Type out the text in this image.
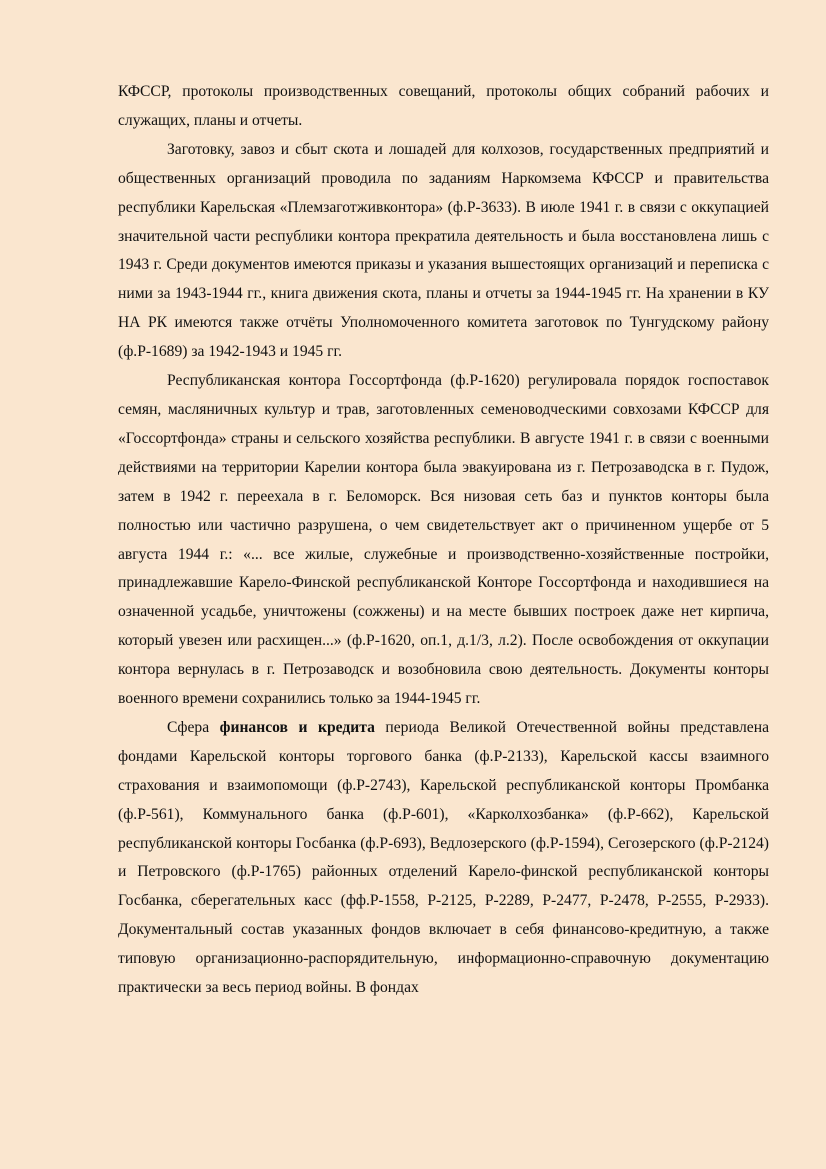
КФССР, протоколы производственных совещаний, протоколы общих собраний рабочих и служащих, планы и отчеты.

Заготовку, завоз и сбыт скота и лошадей для колхозов, государственных предприятий и общественных организаций проводила по заданиям Наркомзема КФССР и правительства республики Карельская «Племзаготживконтора» (ф.Р-3633). В июле 1941 г. в связи с оккупацией значительной части республики контора прекратила деятельность и была восстановлена лишь с 1943 г. Среди документов имеются приказы и указания вышестоящих организаций и переписка с ними за 1943-1944 гг., книга движения скота, планы и отчеты за 1944-1945 гг. На хранении в КУ НА РК имеются также отчёты Уполномоченного комитета заготовок по Тунгудскому району (ф.Р-1689) за 1942-1943 и 1945 гг.

Республиканская контора Госсортфонда (ф.Р-1620) регулировала порядок госпоставок семян, масляничных культур и трав, заготовленных семеноводческими совхозами КФССР для «Госсортфонда» страны и сельского хозяйства республики. В августе 1941 г. в связи с военными действиями на территории Карелии контора была эвакуирована из г. Петрозаводска в г. Пудож, затем в 1942 г. переехала в г. Беломорск. Вся низовая сеть баз и пунктов конторы была полностью или частично разрушена, о чем свидетельствует акт о причиненном ущербе от 5 августа 1944 г.: «... все жилые, служебные и производственно-хозяйственные постройки, принадлежавшие Карело-Финской республиканской Конторе Госсортфонда и находившиеся на означенной усадьбе, уничтожены (сожжены) и на месте бывших построек даже нет кирпича, который увезен или расхищен...» (ф.Р-1620, оп.1, д.1/3, л.2). После освобождения от оккупации контора вернулась в г. Петрозаводск и возобновила свою деятельность. Документы конторы военного времени сохранились только за 1944-1945 гг.

Сфера финансов и кредита периода Великой Отечественной войны представлена фондами Карельской конторы торгового банка (ф.Р-2133), Карельской кассы взаимного страхования и взаимопомощи (ф.Р-2743), Карельской республиканской конторы Промбанка (ф.Р-561), Коммунального банка (ф.Р-601), «Карколхозбанка» (ф.Р-662), Карельской республиканской конторы Госбанка (ф.Р-693), Ведлозерского (ф.Р-1594), Сегозерского (ф.Р-2124) и Петровского (ф.Р-1765) районных отделений Карело-финской республиканской конторы Госбанка, сберегательных касс (фф.Р-1558, Р-2125, Р-2289, Р-2477, Р-2478, Р-2555, Р-2933). Документальный состав указанных фондов включает в себя финансово-кредитную, а также типовую организационно-распорядительную, информационно-справочную документацию практически за весь период войны. В фондах
